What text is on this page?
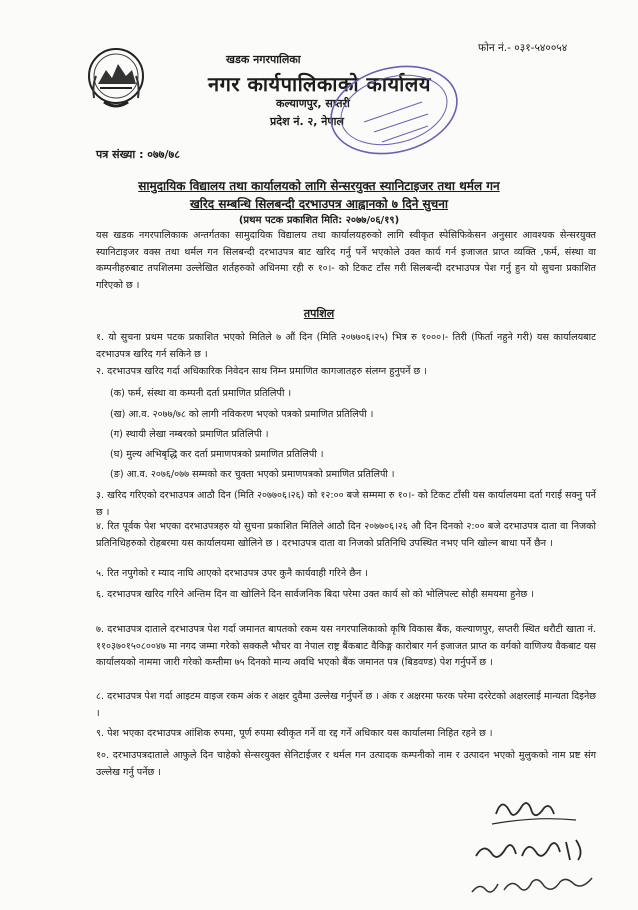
फोन नं.- ०३१-५४००५४
खडक नगरपालिका
नगर कार्यपालिकाको कार्यालय
कल्याणपुर, सप्तरी
प्रदेश नं. २, नेपाल
पत्र संख्या : ०७७/७८
सामुदायिक विद्यालय तथा कार्यालयको लागि सेन्सरयुक्त स्यानिटाइजर तथा थर्मल गन
खरिद सम्बन्धि सिलबन्दी दरभाउपत्र आह्वानको ७ दिने सुचना
(प्रथम पटक प्रकाशित मिति: २०७७/०६/१९)
यस खडक नगरपालिकाक अन्तर्गतका सामुदायिक विद्यालय तथा कार्यालयहरुको लागि स्वीकृत स्पेसिफिकेसन अनुसार आवश्यक सेन्सरयुक्त स्यानिटाइजर वक्स तथा थर्मल गन सिलबन्दी दरभाउपत्र बाट खरिद गर्नु पर्ने भएकोले उक्त कार्य गर्न इजाजत प्राप्त व्यक्ति ,फर्म, संस्था वा कम्पनीहरुबाट तपशिलमा उल्लेखित शर्तहरुको अधिनमा रही रु १०।- को टिकट टाँस गरी सिलबन्दी दरभाउपत्र पेश गर्नु हुन यो सुचना प्रकाशित गरिएको छ ।
तपशिल
१. यो सुचना प्रथम पटक प्रकाशित भएको मितिले ७ औं दिन (मिति २०७७०६।२५) भित्र रु १०००।- तिरी (फिर्ता नहुने गरी) यस कार्यालयबाट दरभाउपत्र खरिद गर्न सकिने छ ।
२. दरभाउपत्र खरिद गर्दा अधिकारिक निवेदन साथ निम्न प्रमाणित कागजातहरु संलग्न हुनुपर्ने छ ।
(क) फर्म, संस्था वा कम्पनी दर्ता प्रमाणित प्रतिलिपी ।
(ख) आ.व. २०७७/७८ को लागी नविकरण भएको पत्रको प्रमाणित प्रतिलिपी ।
(ग) स्थायी लेखा नम्बरको प्रमाणित प्रतिलिपी ।
(घ) मुल्य अभिबृद्धि कर दर्ता प्रमाणपत्रको प्रमाणित प्रतिलिपी ।
(ङ) आ.व. २०७६/०७७ सम्मको कर चुक्ता भएको प्रमाणपत्रको प्रमाणित प्रतिलिपी ।
३. खरिद गरिएको दरभाउपत्र आठौ दिन (मिति २०७७०६।२६) को १२:०० बजे सम्ममा रु १०।- को टिकट टाँसी यस कार्यालयमा दर्ता गराई सक्नु पर्ने छ ।
४. रित पूर्वक पेश भएका दरभाउपत्रहरु यो सुचना प्रकाशित मितिले आठौ दिन २०७७०६।२६ औ दिन दिनको २:०० बजे दरभाउपत्र दाता वा निजको प्रतिनिधिहरुको रोहबरमा यस कार्यालयमा खोलिने छ । दरभाउपत्र दाता वा निजको प्रतिनिधि उपस्थित नभए पनि खोल्न बाधा पर्ने छैन ।
५. रित नपुगेको र म्याद नाघि आएको दरभाउपत्र उपर कुनै कार्यवाही गरिने छैन ।
६. दरभाउपत्र खरिद गरिने अन्तिम दिन वा खोलिने दिन सार्वजनिक बिदा परेमा उक्त कार्य सो को भोलिपल्ट सोही समयमा हुनेछ ।
७. दरभाउपत्र दाताले दरभाउपत्र पेश गर्दा जमानत बापतको रकम यस नगरपालिकाको कृषि विकास बैंक, कल्याणपुर, सप्तरी स्थित धरौटी खाता नं. ११०३७०१५०८००४७ मा नगद जम्मा गरेको सक्कलै भौचर वा नेपाल राष्ट्र बैंकबाट वैकिङ्ग कारोबार गर्न इजाजत प्राप्त क वर्गको वाणिज्य वैकबाट यस कार्यालयको नाममा जारी गरेको कम्तीमा ७५ दिनको मान्य अवधि भएको बैंक जमानत पत्र (बिडवण्ड) पेश गर्नुपर्ने छ ।
८. दरभाउपत्र पेश गर्दा आइटम वाइज रकम अंक र अक्षर दुवैमा उल्लेख गर्नुपर्ने छ । अंक र अक्षरमा फरक परेमा दररेटको अक्षरलाई मान्यता दिइनेछ ।
९. पेश भएका दरभाउपत्र आंशिक रुपमा, पूर्ण रुपमा स्वीकृत गर्ने वा रद्द गर्ने अधिकार यस कार्यालमा निहित रहने छ ।
१०. दरभाउपत्रदाताले आफुले दिन चाहेको सेन्सरयुक्त सेनिटाईजर र थर्मल गन उत्पादक कम्पनीको नाम र उत्पादन भएको मुलुकको नाम प्रष्ट संग उल्लेख गर्नु पर्नेछ ।
